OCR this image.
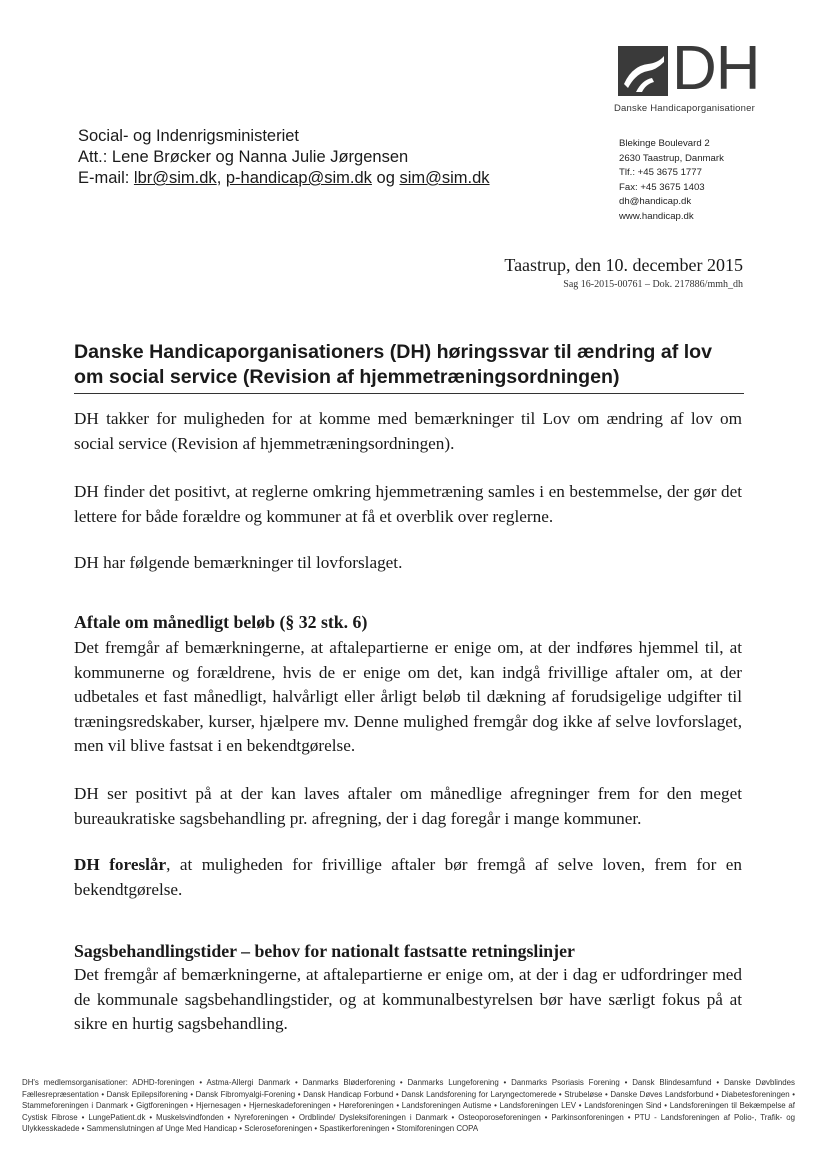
DH
Danske Handicaporganisationer
Social- og Indenrigsministeriet
Att.: Lene Brøcker og Nanna Julie Jørgensen
E-mail: lbr@sim.dk, p-handicap@sim.dk og sim@sim.dk
Blekinge Boulevard 2
2630 Taastrup, Danmark
Tlf.: +45 3675 1777
Fax: +45 3675 1403
dh@handicap.dk
www.handicap.dk
Taastrup, den 10. december 2015
Sag 16-2015-00761 – Dok. 217886/mmh_dh
Danske Handicaporganisationers (DH) høringssvar til ændring af lov om social service (Revision af hjemmetræningsordningen)
DH takker for muligheden for at komme med bemærkninger til Lov om ændring af lov om social service (Revision af hjemmetræningsordningen).
DH finder det positivt, at reglerne omkring hjemmetræning samles i en bestemmelse, der gør det lettere for både forældre og kommuner at få et overblik over reglerne.
DH har følgende bemærkninger til lovforslaget.
Aftale om månedligt beløb (§ 32 stk. 6)
Det fremgår af bemærkningerne, at aftalepartierne er enige om, at der indføres hjemmel til, at kommunerne og forældrene, hvis de er enige om det, kan indgå frivillige aftaler om, at der udbetales et fast månedligt, halvårligt eller årligt beløb til dækning af forudsigelige udgifter til træningsredskaber, kurser, hjælpere mv. Denne mulighed fremgår dog ikke af selve lovforslaget, men vil blive fastsat i en bekendtgørelse.
DH ser positivt på at der kan laves aftaler om månedlige afregninger frem for den meget bureaukratiske sagsbehandling pr. afregning, der i dag foregår i mange kommuner.
DH foreslår, at muligheden for frivillige aftaler bør fremgå af selve loven, frem for en bekendtgørelse.
Sagsbehandlingstider – behov for nationalt fastsatte retningslinjer
Det fremgår af bemærkningerne, at aftalepartierne er enige om, at der i dag er udfordringer med de kommunale sagsbehandlingstider, og at kommunalbestyrelsen bør have særligt fokus på at sikre en hurtig sagsbehandling.
DH's medlemsorganisationer: ADHD-foreningen • Astma-Allergi Danmark • Danmarks Bløderforening • Danmarks Lungeforening • Danmarks Psoriasis Forening • Dansk Blindesamfund • Danske Døvblindes Fællesrepræsentation • Dansk Epilepsiforening • Dansk Fibromyalgi-Forening • Dansk Handicap Forbund • Dansk Landsforening for Laryngectomerede • Strubeløse • Danske Døves Landsforbund • Diabetesforeningen • Stammeforeningen i Danmark • Gigtforeningen • Hjernesagen • Hjerneskadeforeningen • Høreforeningen • Landsforeningen Autisme • Landsforeningen LEV • Landsforeningen Sind • Landsforeningen til Bekæmpelse af Cystisk Fibrose • LungePatient.dk • Muskelsvindfonden • Nyreforeningen • Ordblinde/ Dysleksiforeningen i Danmark • Osteoporoseforeningen • Parkinsonforeningen • PTU - Landsforeningen af Polio-, Trafik- og Ulykkesskadede • Sammenslutningen af Unge Med Handicap • Scleroseforeningen • Spastikerforeningen • Stomiforeningen COPA
